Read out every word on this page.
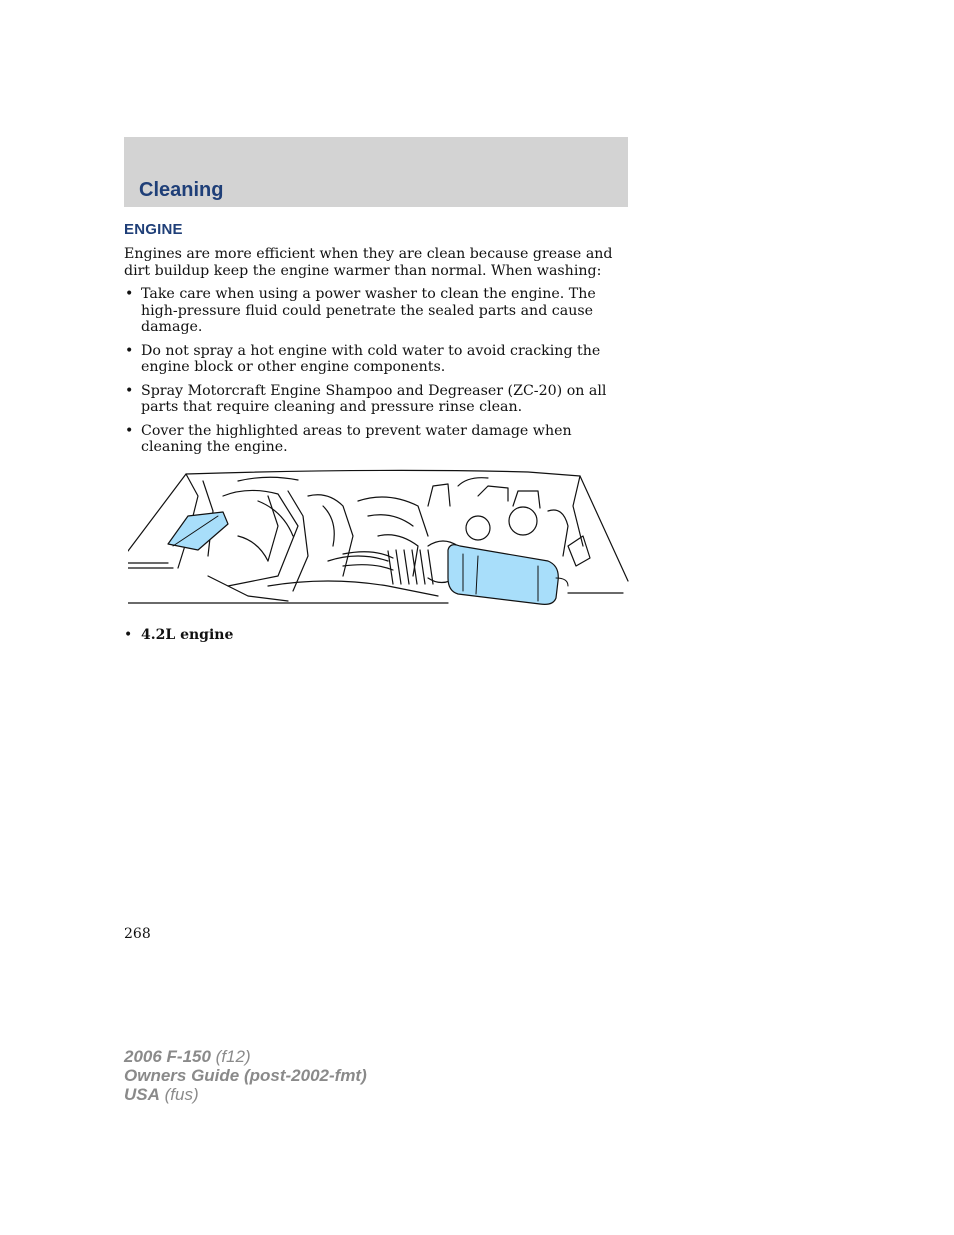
Cleaning
ENGINE
Engines are more efficient when they are clean because grease and dirt buildup keep the engine warmer than normal. When washing:
• Take care when using a power washer to clean the engine. The high-pressure fluid could penetrate the sealed parts and cause damage.
• Do not spray a hot engine with cold water to avoid cracking the engine block or other engine components.
• Spray Motorcraft Engine Shampoo and Degreaser (ZC-20) on all parts that require cleaning and pressure rinse clean.
• Cover the highlighted areas to prevent water damage when cleaning the engine.
• 4.2L engine
268
2006 F-150 (f12)
Owners Guide (post-2002-fmt)
USA (fus)
